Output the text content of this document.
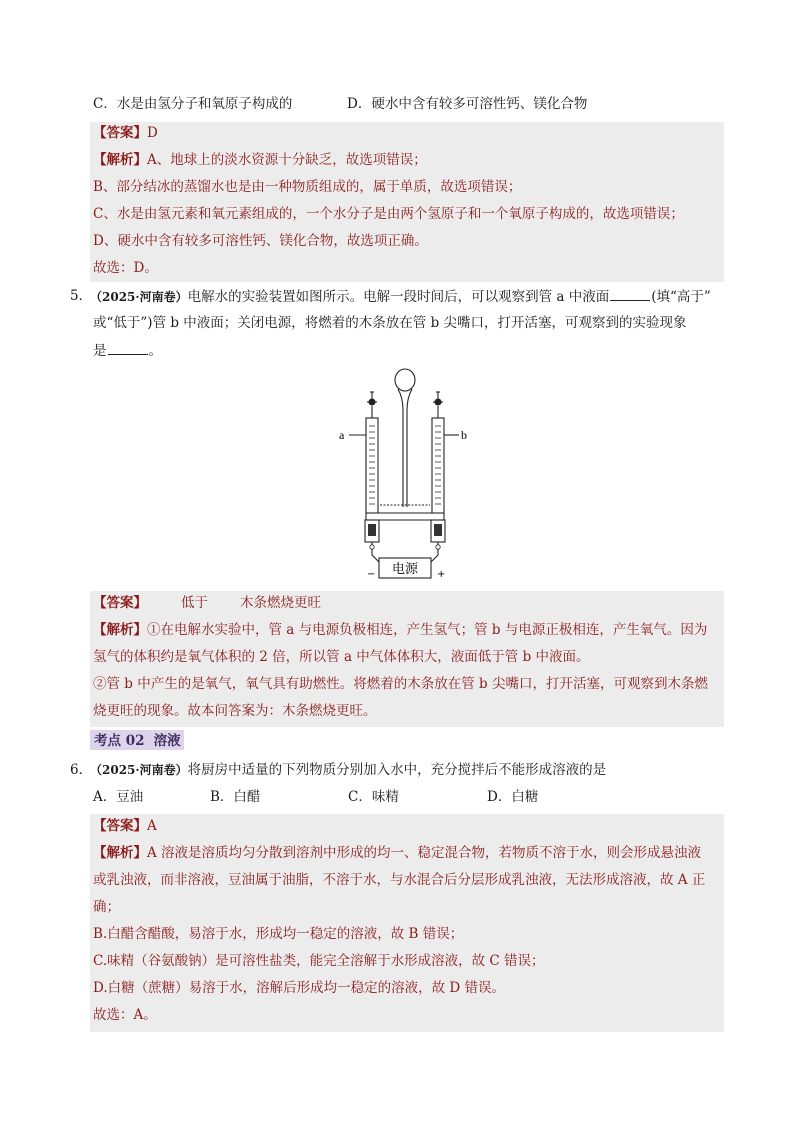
C．水是由氢分子和氧原子构成的	D．硬水中含有较多可溶性钙、镁化合物
【答案】D
【解析】A、地球上的淡水资源十分缺乏，故选项错误；
B、部分结冰的蒸馏水也是由一种物质组成的，属于单质，故选项错误；
C、水是由氢元素和氧元素组成的，一个水分子是由两个氢原子和一个氧原子构成的，故选项错误；
D、硬水中含有较多可溶性钙、镁化合物，故选项正确。
故选：D。
5．
（2025·河南卷）电解水的实验装置如图所示。电解一段时间后，可以观察到管 a 中液面	(填“高于”
或“低于”)管 b 中液面；关闭电源，将燃着的木条放在管 b 尖嘴口，打开活塞，可观察到的实验现象
是	。
a	b
电源
−	+
【答案】	低于 木条燃烧更旺
【解析】①在电解水实验中，管 a 与电源负极相连，产生氢气；管 b 与电源正极相连，产生氧气。因为
氢气的体积约是氧气体积的 2 倍，所以管 a 中气体体积大，液面低于管 b 中液面。
②管 b 中产生的是氧气，氧气具有助燃性。将燃着的木条放在管 b 尖嘴口，打开活塞，可观察到木条燃
烧更旺的现象。故本问答案为：木条燃烧更旺。
考点 02 溶液
6．
（2025·河南卷）将厨房中适量的下列物质分别加入水中，充分搅拌后不能形成溶液的是
A．豆油	B．白醋	C．味精	D．白糖
【答案】A
【解析】A 溶液是溶质均匀分散到溶剂中形成的均一、稳定混合物，若物质不溶于水，则会形成悬浊液
或乳浊液，而非溶液，豆油属于油脂，不溶于水，与水混合后分层形成乳浊液，无法形成溶液，故 A 正
确；
B.白醋含醋酸，易溶于水，形成均一稳定的溶液，故 B 错误；
C.味精（谷氨酸钠）是可溶性盐类，能完全溶解于水形成溶液，故 C 错误；
D.白糖（蔗糖）易溶于水，溶解后形成均一稳定的溶液，故 D 错误。
故选：A。
